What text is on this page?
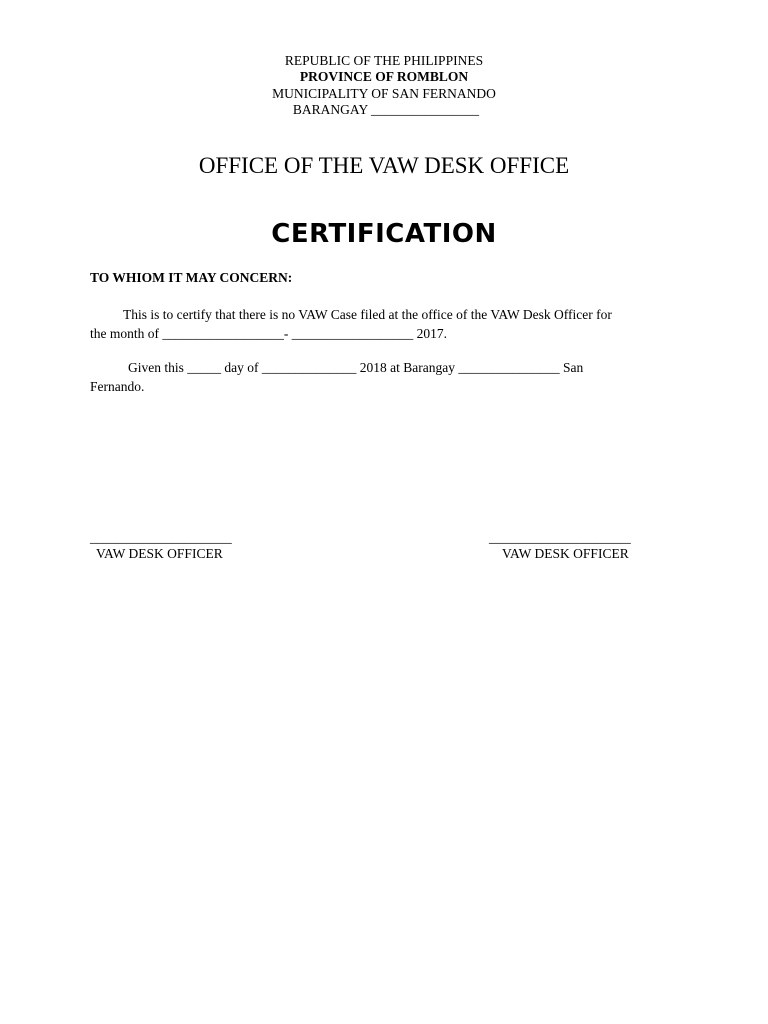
REPUBLIC OF THE PHILIPPINES
PROVINCE OF ROMBLON
MUNICIPALITY OF SAN FERNANDO
BARANGAY ________________
OFFICE OF THE VAW DESK OFFICE
CERTIFICATION
TO WHIOM IT MAY CONCERN:
This is to certify that there is no VAW Case filed at the office of the VAW Desk Officer for
the month of __________________- __________________ 2017.
Given this _____ day of ______________ 2018 at Barangay _______________ San
Fernando.
_____________________
VAW DESK OFFICER
_____________________
VAW DESK OFFICER
